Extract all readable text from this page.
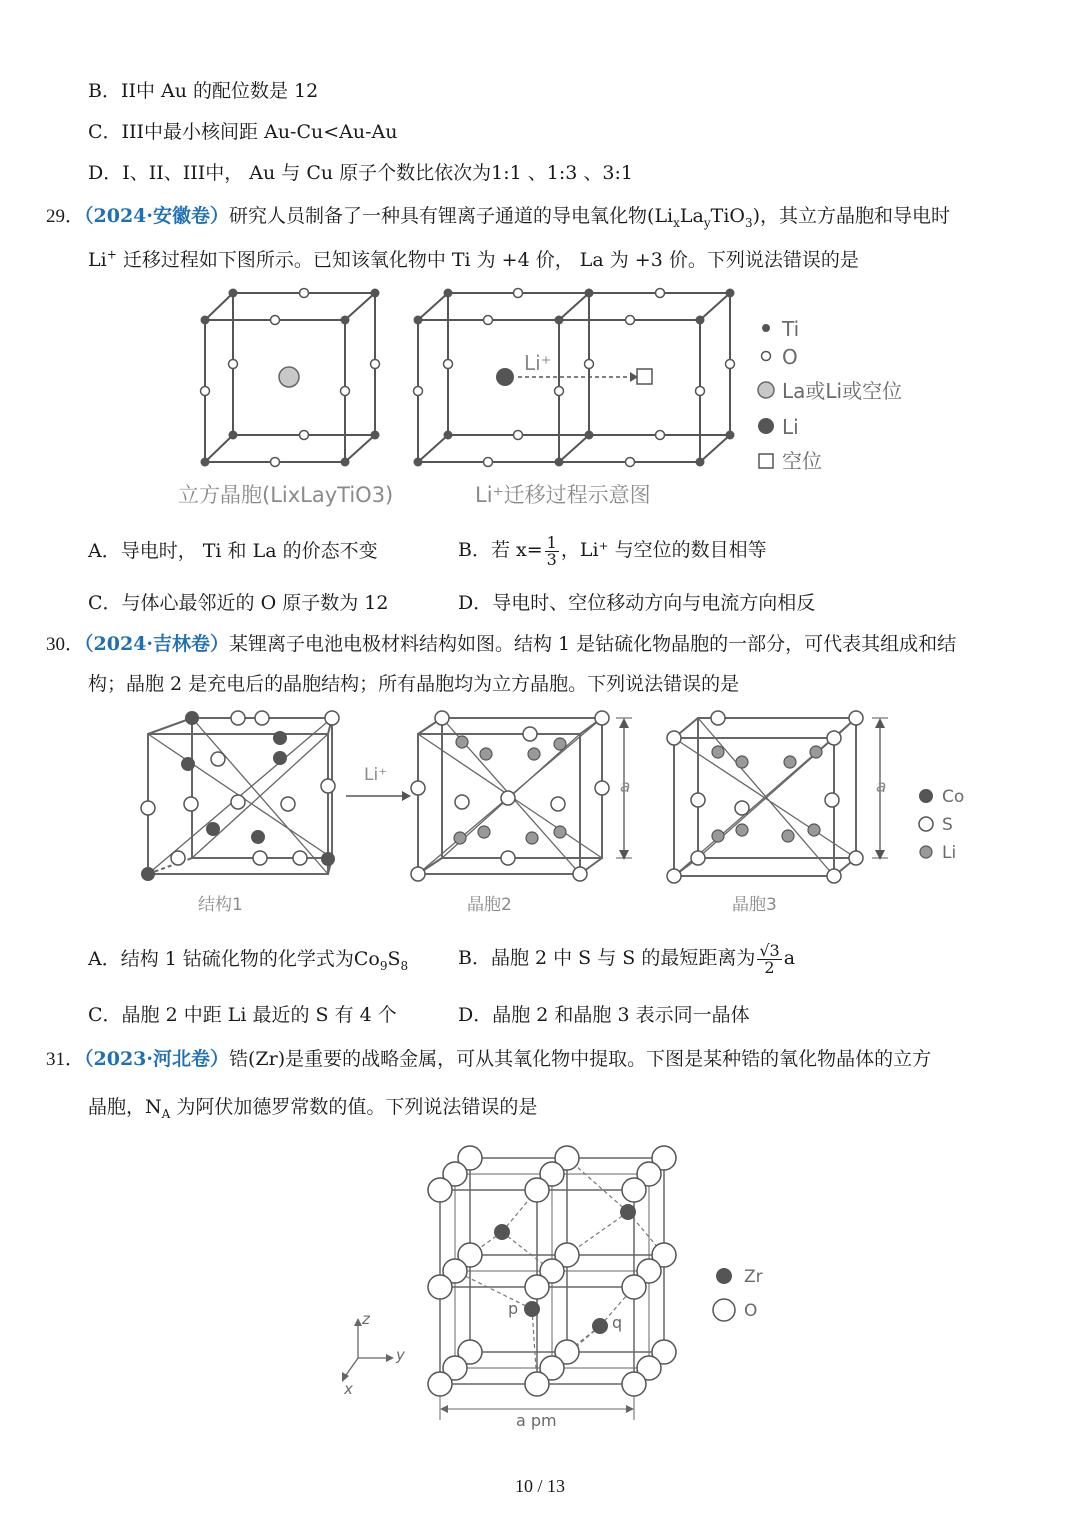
B．II中 Au 的配位数是 12
C．III中最小核间距 Au-Cu<Au-Au
D．I、II、III中， Au 与 Cu 原子个数比依次为1:1 、1:3 、3:1
29．（2024·安徽卷）研究人员制备了一种具有锂离子通道的导电氧化物$(Li_xLa_yTiO_3)$，其立方晶胞和导电时
Li+ 迁移过程如下图所示。已知该氧化物中 Ti 为 +4 价， La 为 +3 价。下列说法错误的是
Li⁺
立方晶胞(LixLayTiO3)	Li⁺迁移过程示意图
Ti
O
La或Li或空位
Li
空位
A．导电时， Ti 和 La 的价态不变	B．若 $x= \frac{1}{3}$ ，Li⁺ 与空位的数目相等
C．与体心最邻近的 O 原子数为 12	D．导电时、空位移动方向与电流方向相反
30．（2024·吉林卷）某锂离子电池电极材料结构如图。结构 1 是钴硫化物晶胞的一部分，可代表其组成和结
构；晶胞 2 是充电后的晶胞结构；所有晶胞均为立方晶胞。下列说法错误的是
Li⁺
a	a
结构1	晶胞2	晶胞3
Co
S
Li
A．结构 1 钴硫化物的化学式为$Co_9S_8$	B．晶胞 2 中 S 与 S 的最短距离为 $\frac{√3}{2}$ a
C．晶胞 2 中距 Li 最近的 S 有 4 个	D．晶胞 2 和晶胞 3 表示同一晶体
31．（2023·河北卷）锆(Zr)是重要的战略金属，可从其氧化物中提取。下图是某种锆的氧化物晶体的立方
晶胞，$N_A$ 为阿伏加德罗常数的值。下列说法错误的是
p
q
a pm
z
y
x
Zr
O
10 / 13
